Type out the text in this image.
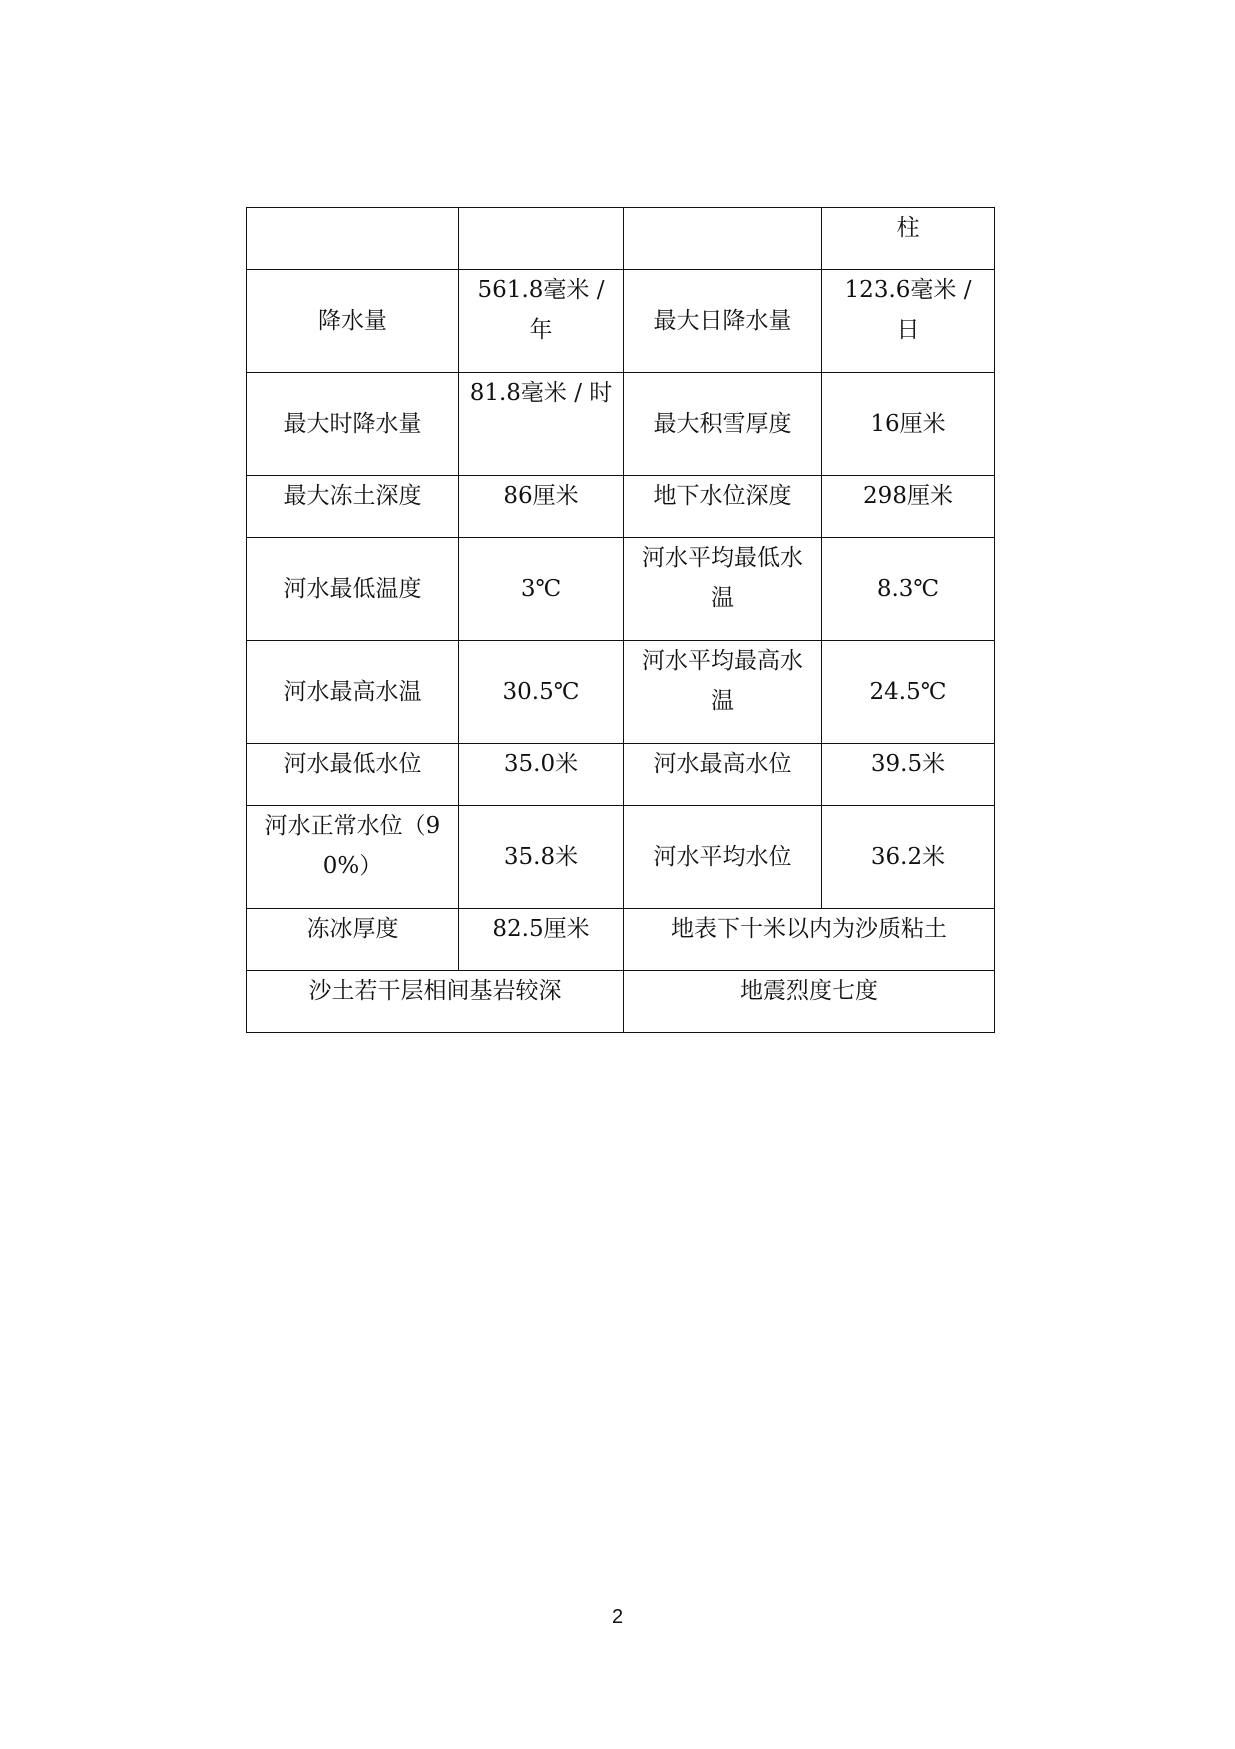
			柱
降水量	561.8毫米 / 年	最大日降水量	123.6毫米 / 日
最大时降水量	81.8毫米 / 时	最大积雪厚度	16厘米
最大冻土深度	86厘米	地下水位深度	298厘米
河水最低温度	3℃	河水平均最低水温	8.3℃
河水最高水温	30.5℃	河水平均最高水温	24.5℃
河水最低水位	35.0米	河水最高水位	39.5米
河水正常水位（90%）	35.8米	河水平均水位	36.2米
冻冰厚度	82.5厘米	地表下十米以内为沙质粘土	
沙土若干层相间基岩较深		地震烈度七度	
2
